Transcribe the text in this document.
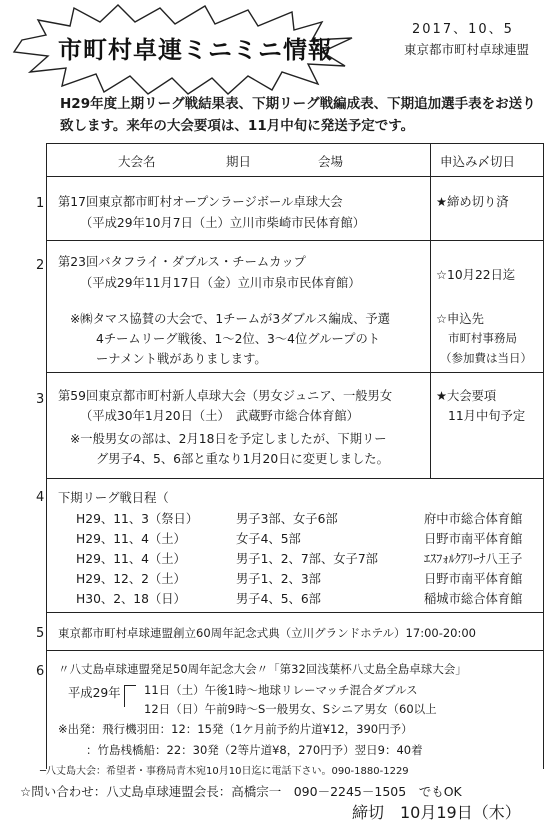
市町村卓連ミニミニ情報
2017、10、5
東京都市町村卓球連盟
H29年度上期リーグ戦結果表、下期リーグ戦編成表、下期追加選手表をお送り
致します。来年の大会要項は、11月中旬に発送予定です。
大会名	期日	会場	申込み〆切日
1 第17回東京都市町村オープンラージボール卓球大会
（平成29年10月7日（土）立川市柴崎市民体育館）
★締め切り済
2 第23回バタフライ・ダブルス・チームカップ
（平成29年11月17日（金）立川市泉市民体育館）
※㈱タマス協賛の大会で、1チームが3ダブルス編成、予選
4チームリーグ戦後、1～2位、3～4位グループのト
ーナメント戦がありまします。
☆10月22日迄
☆申込先
市町村事務局
（参加費は当日）
3 第59回東京都市町村新人卓球大会（男女ジュニア、一般男女
（平成30年1月20日（土）　武蔵野市総合体育館）
※一般男女の部は、2月18日を予定しましたが、下期リー
グ男子4、5、6部と重なり1月20日に変更しました。
★大会要項
11月中旬予定
4 下期リーグ戦日程（
H29、11、3（祭日）	男子3部、女子6部	府中市総合体育館
H29、11、4（土）	女子4、5部	日野市南平体育館
H29、11、4（土）	男子1、2、7部、女子7部	ｴｽﾌｫﾙｸｱﾘｰﾅ八王子
H29、12、2（土）	男子1、2、3部	日野市南平体育館
H30、2、18（日）	男子4、5、6部	稲城市総合体育館
5 東京都市町村卓球連盟創立60周年記念式典（立川グランドホテル）17:00-20:00
6 〃八丈島卓球連盟発足50周年記念大会〃「第32回浅葉杯八丈島全島卓球大会」
平成29年 11日（土）午後1時～地球リレーマッチ混合ダブルス
12日（日）午前9時～S一般男女、Sシニア男女（60以上
※出発：飛行機羽田：12：15発（1ケ月前予約片道¥12，390円予）
：竹島桟橋船：22：30発（2等片道¥8，270円予）翌日9：40着
─八丈島大会：希望者・事務局青木宛10月10日迄に電話下さい。090-1880-1229
☆問い合わせ：八丈島卓球連盟会長：高橋宗一　090－2245－1505　でもOK
締切　10月19日（木）
